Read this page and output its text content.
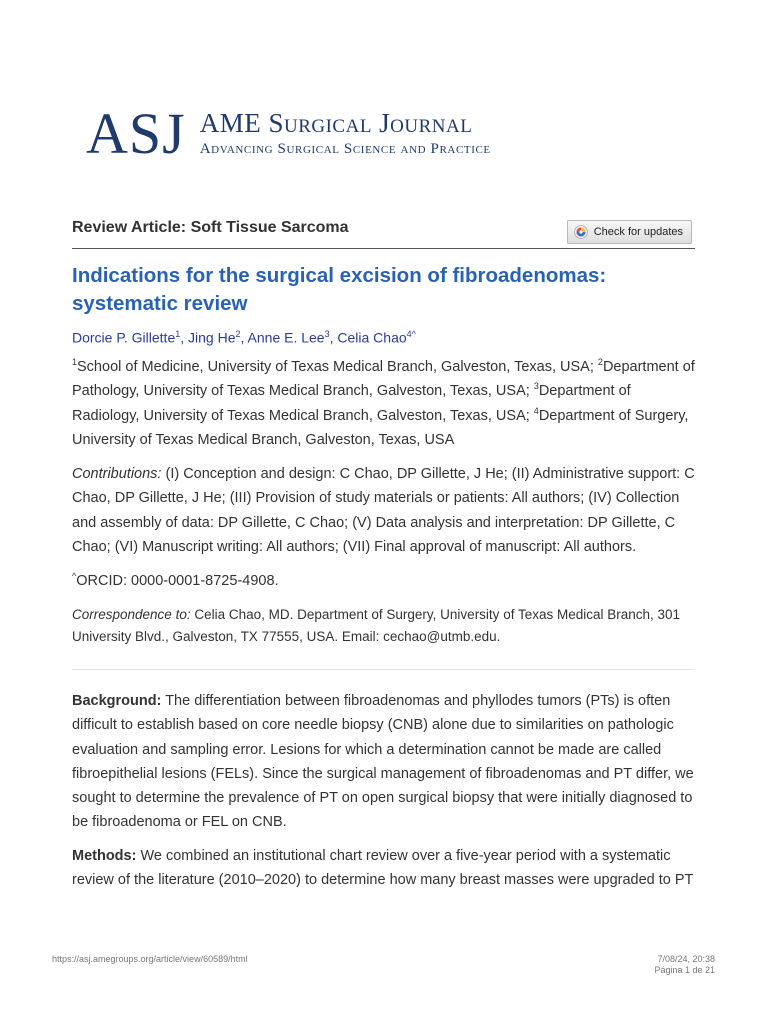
ASJ AME Surgical Journal
Advancing Surgical Science and Practice
Review Article: Soft Tissue Sarcoma	Check for updates
Indications for the surgical excision of fibroadenomas: systematic review
Dorcie P. Gillette$^1$, Jing He$^2$, Anne E. Lee$^3$, Celia Chao$^{4\^{}}$
$^1$School of Medicine, University of Texas Medical Branch, Galveston, Texas, USA; $^2$Department of Pathology, University of Texas Medical Branch, Galveston, Texas, USA; $^3$Department of Radiology, University of Texas Medical Branch, Galveston, Texas, USA; $^4$Department of Surgery, University of Texas Medical Branch, Galveston, Texas, USA
Contributions: (I) Conception and design: C Chao, DP Gillette, J He; (II) Administrative support: C Chao, DP Gillette, J He; (III) Provision of study materials or patients: All authors; (IV) Collection and assembly of data: DP Gillette, C Chao; (V) Data analysis and interpretation: DP Gillette, C Chao; (VI) Manuscript writing: All authors; (VII) Final approval of manuscript: All authors.
^ORCID: 0000-0001-8725-4908.
Correspondence to: Celia Chao, MD. Department of Surgery, University of Texas Medical Branch, 301 University Blvd., Galveston, TX 77555, USA. Email: cechao@utmb.edu.
Background: The differentiation between fibroadenomas and phyllodes tumors (PTs) is often difficult to establish based on core needle biopsy (CNB) alone due to similarities on pathologic evaluation and sampling error. Lesions for which a determination cannot be made are called fibroepithelial lesions (FELs). Since the surgical management of fibroadenomas and PT differ, we sought to determine the prevalence of PT on open surgical biopsy that were initially diagnosed to be fibroadenoma or FEL on CNB.
Methods: We combined an institutional chart review over a five-year period with a systematic review of the literature (2010–2020) to determine how many breast masses were upgraded to PT
https://asj.amegroups.org/article/view/60589/html	7/08/24, 20:38
Página 1 de 21
